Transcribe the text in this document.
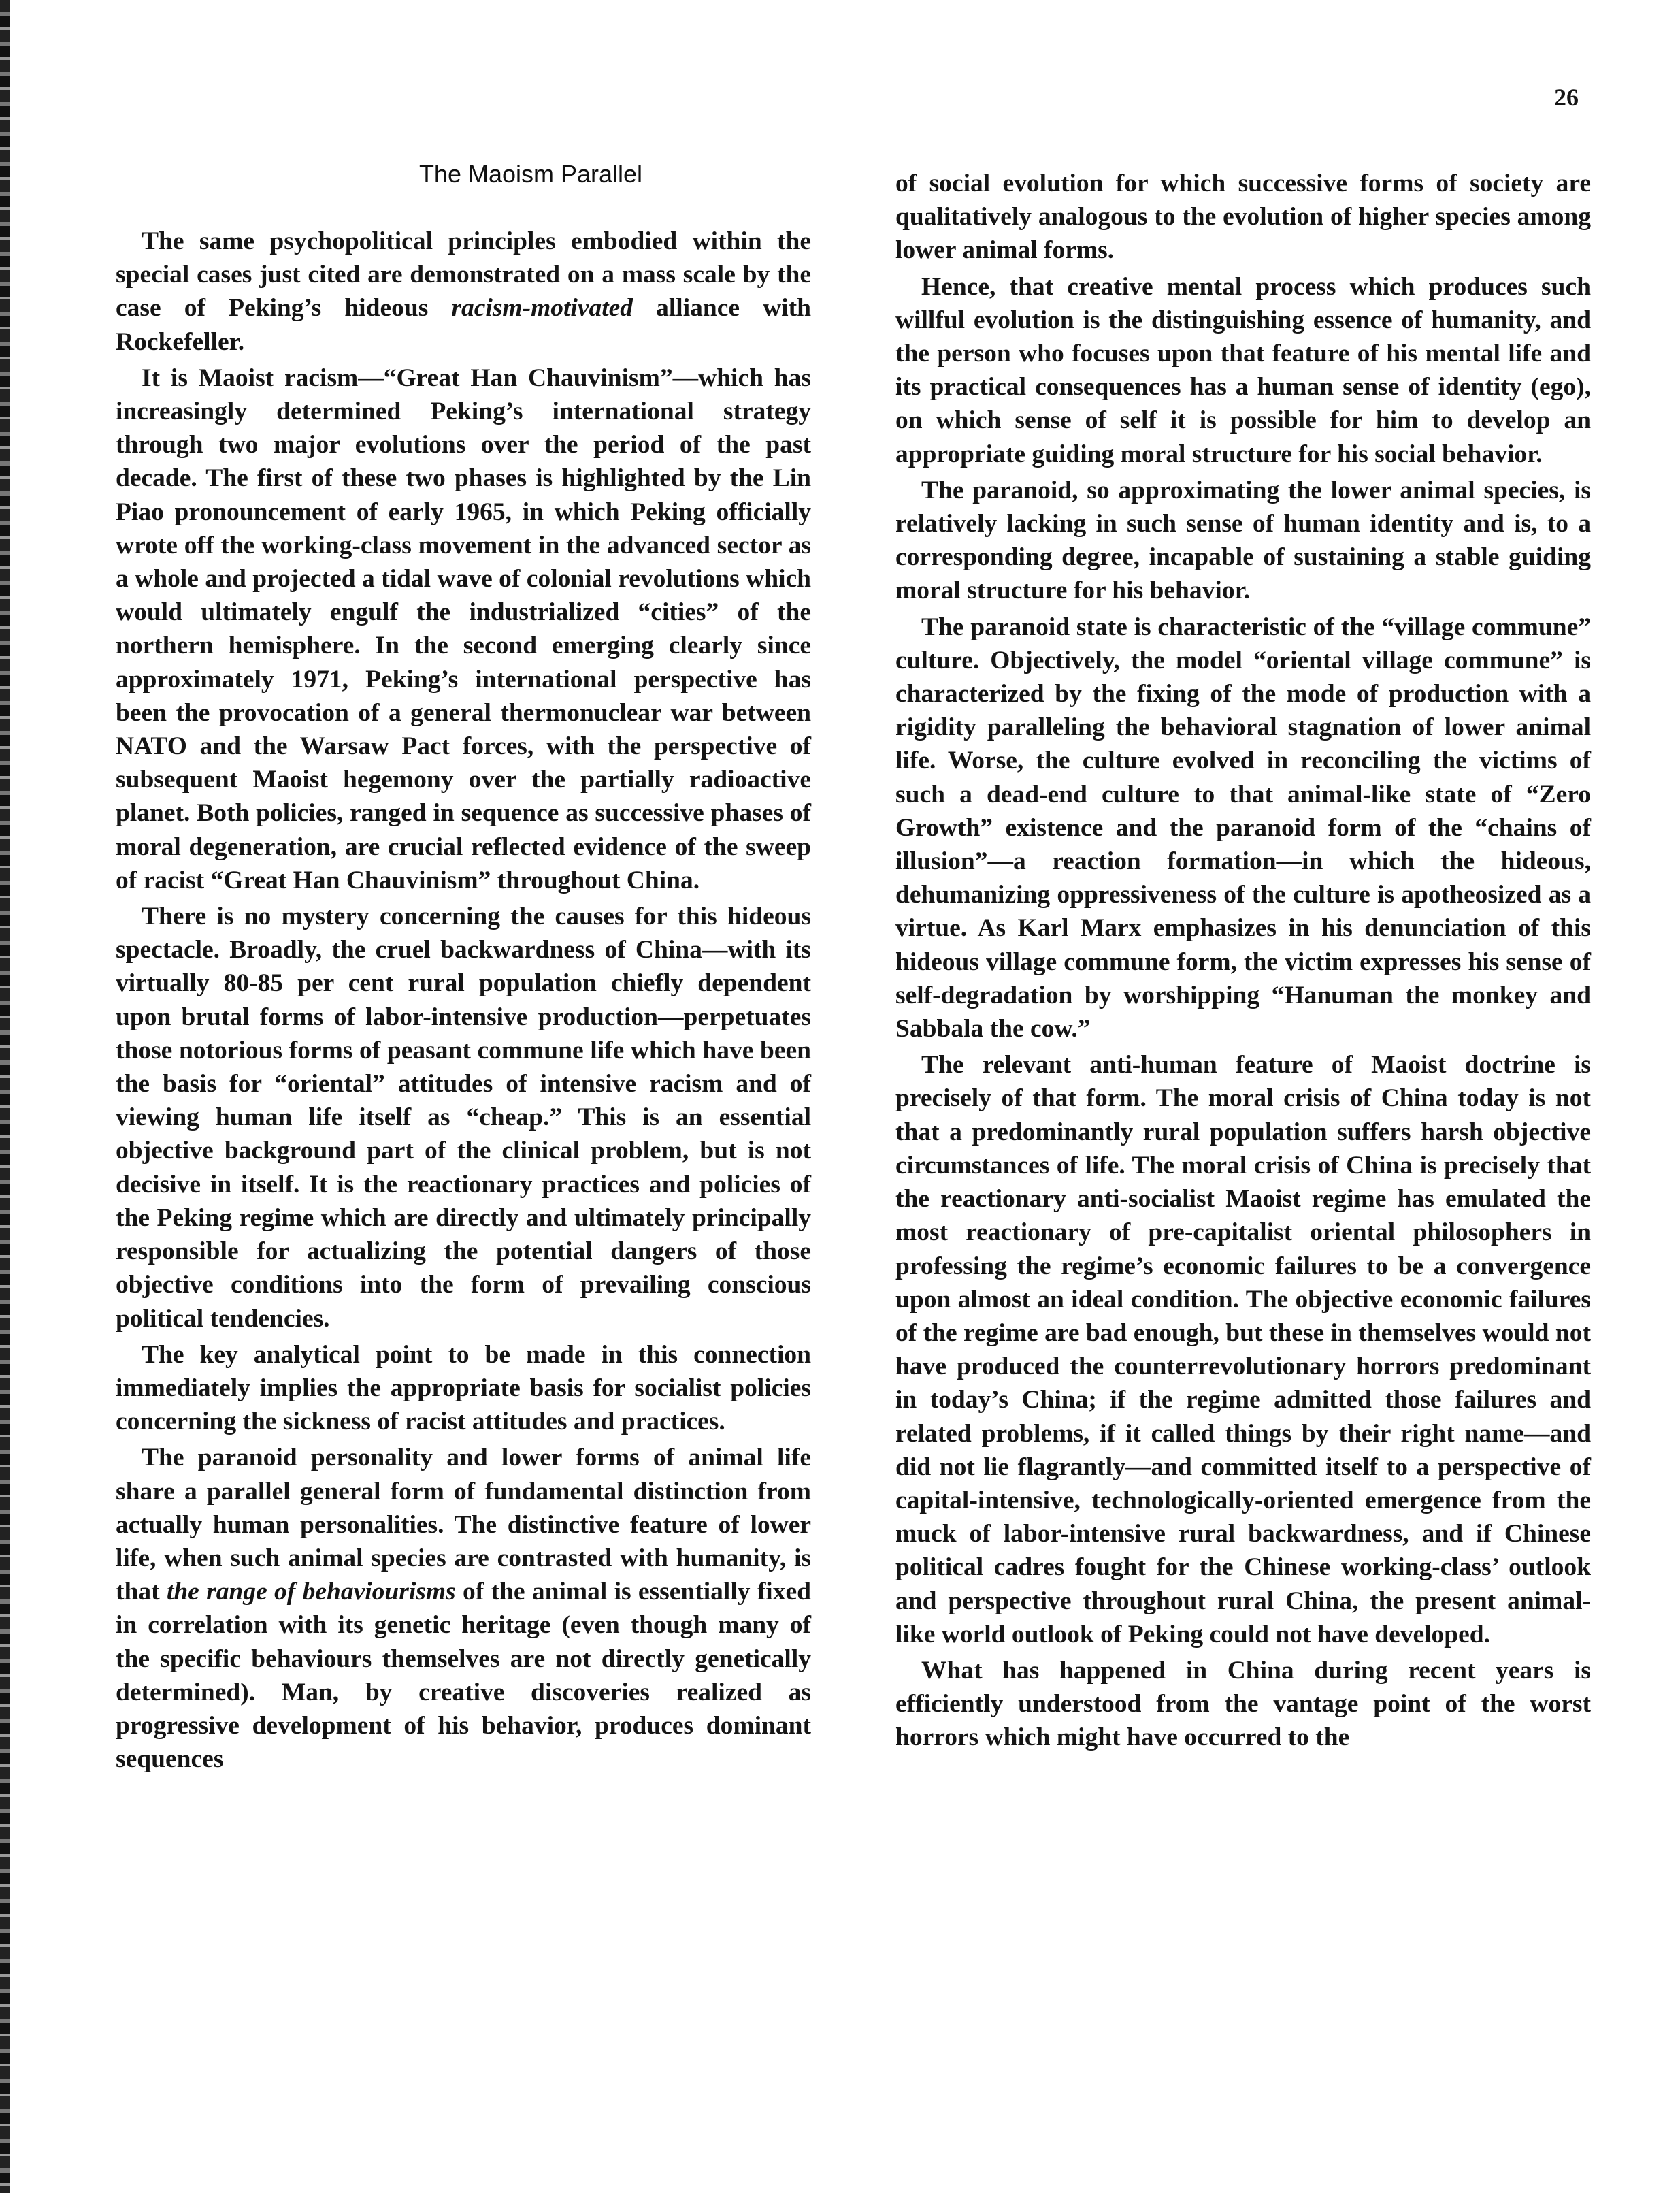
26
The Maoism Parallel

The same psychopolitical principles embodied within the special cases just cited are demonstrated on a mass scale by the case of Peking’s hideous racism-motivated alliance with Rockefeller.

It is Maoist racism—“Great Han Chauvinism”—which has increasingly determined Peking’s international strategy through two major evolutions over the period of the past decade. The first of these two phases is highlighted by the Lin Piao pronouncement of early 1965, in which Peking officially wrote off the working-class movement in the advanced sector as a whole and projected a tidal wave of colonial revolutions which would ultimately engulf the industrialized “cities” of the northern hemisphere. In the second emerging clearly since approximately 1971, Peking’s international perspective has been the provocation of a general thermonuclear war between NATO and the Warsaw Pact forces, with the perspective of subsequent Maoist hegemony over the partially radioactive planet. Both policies, ranged in sequence as successive phases of moral degeneration, are crucial reflected evidence of the sweep of racist “Great Han Chauvinism” throughout China.

There is no mystery concerning the causes for this hideous spectacle. Broadly, the cruel backwardness of China—with its virtually 80-85 per cent rural population chiefly dependent upon brutal forms of labor-intensive production—perpetuates those notorious forms of peasant commune life which have been the basis for “oriental” attitudes of intensive racism and of viewing human life itself as “cheap.” This is an essential objective background part of the clinical problem, but is not decisive in itself. It is the reactionary practices and policies of the Peking regime which are directly and ultimately principally responsible for actualizing the potential dangers of those objective conditions into the form of prevailing conscious political tendencies.

The key analytical point to be made in this connection immediately implies the appropriate basis for socialist policies concerning the sickness of racist attitudes and practices.

The paranoid personality and lower forms of animal life share a parallel general form of fundamental distinction from actually human personalities. The distinctive feature of lower life, when such animal species are contrasted with humanity, is that the range of behaviourisms of the animal is essentially fixed in correlation with its genetic heritage (even though many of the specific behaviours themselves are not directly genetically determined). Man, by creative discoveries realized as progressive development of his behavior, produces dominant sequences

of social evolution for which successive forms of society are qualitatively analogous to the evolution of higher species among lower animal forms.

Hence, that creative mental process which produces such willful evolution is the distinguishing essence of humanity, and the person who focuses upon that feature of his mental life and its practical consequences has a human sense of identity (ego), on which sense of self it is possible for him to develop an appropriate guiding moral structure for his social behavior.

The paranoid, so approximating the lower animal species, is relatively lacking in such sense of human identity and is, to a corresponding degree, incapable of sustaining a stable guiding moral structure for his behavior.

The paranoid state is characteristic of the “village commune” culture. Objectively, the model “oriental village commune” is characterized by the fixing of the mode of production with a rigidity paralleling the behavioral stagnation of lower animal life. Worse, the culture evolved in reconciling the victims of such a dead-end culture to that animal-like state of “Zero Growth” existence and the paranoid form of the “chains of illusion”—a reaction formation—in which the hideous, dehumanizing oppressiveness of the culture is apotheosized as a virtue. As Karl Marx emphasizes in his denunciation of this hideous village commune form, the victim expresses his sense of self-degradation by worshipping “Hanuman the monkey and Sabbala the cow.”

The relevant anti-human feature of Maoist doctrine is precisely of that form. The moral crisis of China today is not that a predominantly rural population suffers harsh objective circumstances of life. The moral crisis of China is precisely that the reactionary anti-socialist Maoist regime has emulated the most reactionary of pre-capitalist oriental philosophers in professing the regime’s economic failures to be a convergence upon almost an ideal condition. The objective economic failures of the regime are bad enough, but these in themselves would not have produced the counterrevolutionary horrors predominant in today’s China; if the regime admitted those failures and related problems, if it called things by their right name—and did not lie flagrantly—and committed itself to a perspective of capital-intensive, technologically-oriented emergence from the muck of labor-intensive rural backwardness, and if Chinese political cadres fought for the Chinese working-class’ outlook and perspective throughout rural China, the present animal-like world outlook of Peking could not have developed.

What has happened in China during recent years is efficiently understood from the vantage point of the worst horrors which might have occurred to the
